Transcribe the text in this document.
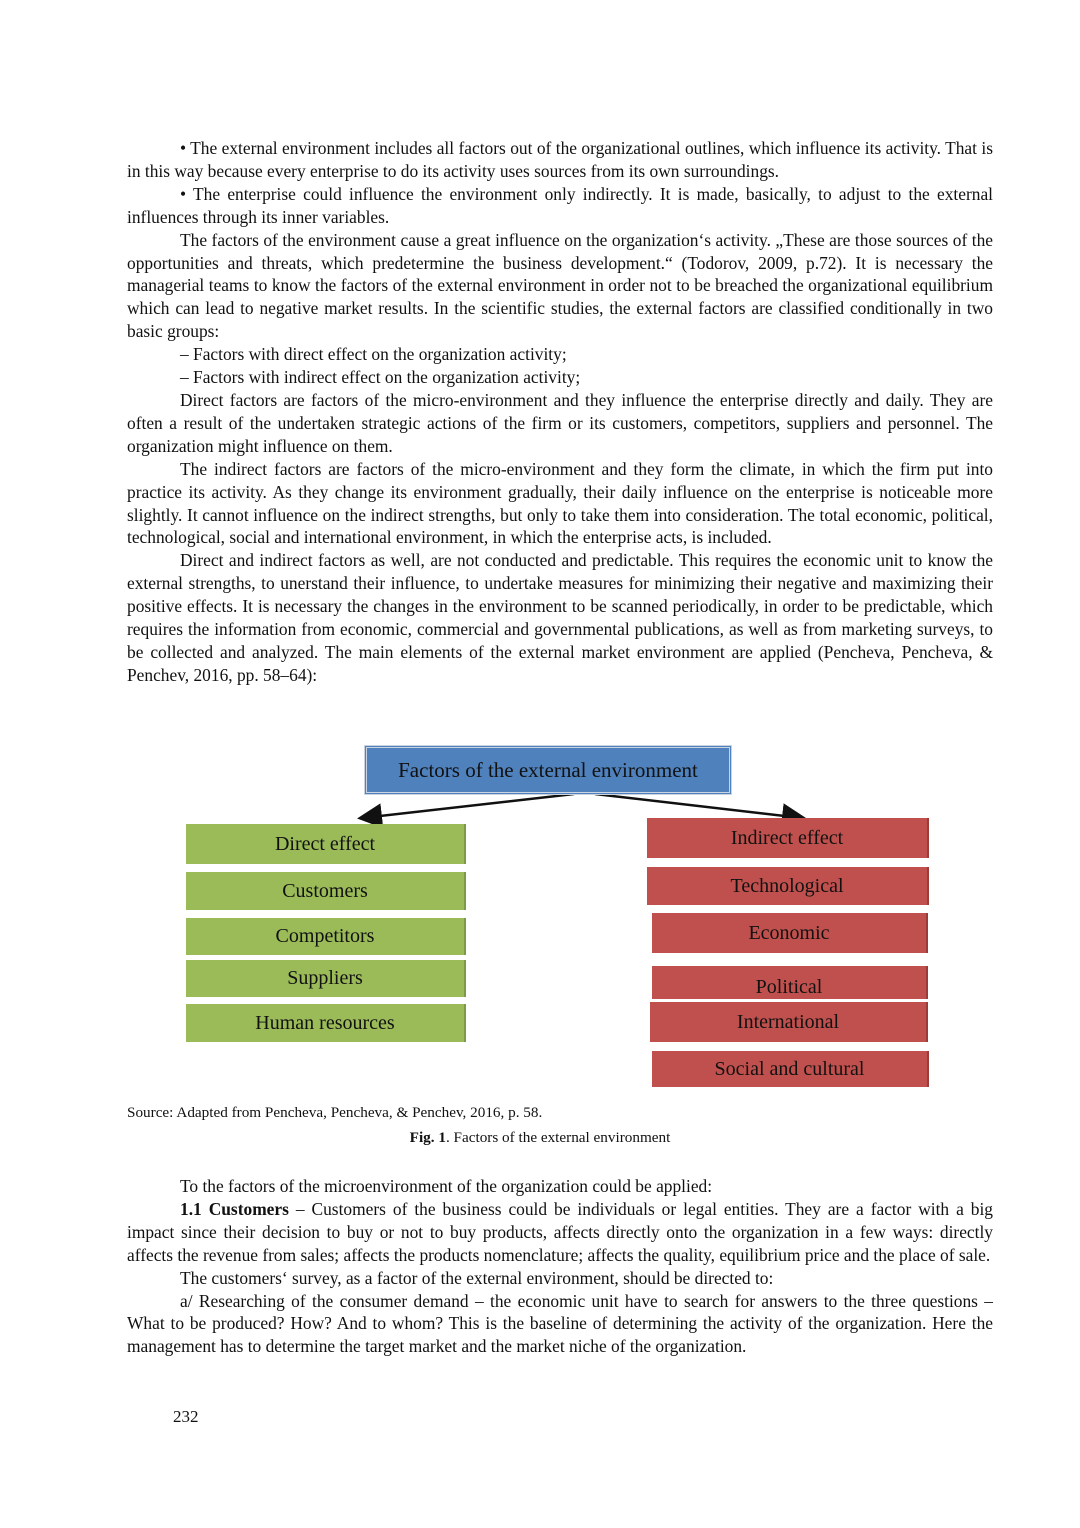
• The external environment includes all factors out of the organizational outlines, which influence its activity. That is in this way because every enterprise to do its activity uses sources from its own surroundings.

• The enterprise could influence the environment only indirectly. It is made, basically, to adjust to the external influences through its inner variables.

The factors of the environment cause a great influence on the organization‘s activity. „These are those sources of the opportunities and threats, which predetermine the business development.“ (Todorov, 2009, p.72). It is necessary the managerial teams to know the factors of the external environment in order not to be breached the organizational equilibrium which can lead to negative market results. In the scientific studies, the external factors are classified conditionally in two basic groups:

– Factors with direct effect on the organization activity;

– Factors with indirect effect on the organization activity;

Direct factors are factors of the micro-environment and they influence the enterprise directly and daily. They are often a result of the undertaken strategic actions of the firm or its customers, competitors, suppliers and personnel. The organization might influence on them.

The indirect factors are factors of the micro-environment and they form the climate, in which the firm put into practice its activity. As they change its environment gradually, their daily influence on the enterprise is noticeable more slightly. It cannot influence on the indirect strengths, but only to take them into consideration. The total economic, political, technological, social and international environment, in which the enterprise acts, is included.

Direct and indirect factors as well, are not conducted and predictable. This requires the economic unit to know the external strengths, to unerstand their influence, to undertake measures for minimizing their negative and maximizing their positive effects. It is necessary the changes in the environment to be scanned periodically, in order to be predictable, which requires the information from economic, commercial and governmental publications, as well as from marketing surveys, to be collected and analyzed. The main elements of the external market environment are applied (Pencheva, Pencheva, & Penchev, 2016, pp. 58–64):

Factors of the external environment
Direct effect
Customers
Competitors
Suppliers
Human resources
Indirect effect
Technological
Economic
Political
International
Social and cultural
Source: Adapted from Pencheva, Pencheva, & Penchev, 2016, p. 58.
Fig. 1. Factors of the external environment

To the factors of the microenvironment of the organization could be applied:

1.1 Customers – Customers of the business could be individuals or legal entities. They are a factor with a big impact since their decision to buy or not to buy products, affects directly onto the organization in a few ways: directly affects the revenue from sales; affects the products nomenclature; affects the quality, equilibrium price and the place of sale.

The customers‘ survey, as a factor of the external environment, should be directed to:

a/ Researching of the consumer demand – the economic unit have to search for answers to the three questions – What to be produced? How? And to whom? This is the baseline of determining the activity of the organization. Here the management has to determine the target market and the market niche of the organization.

232
